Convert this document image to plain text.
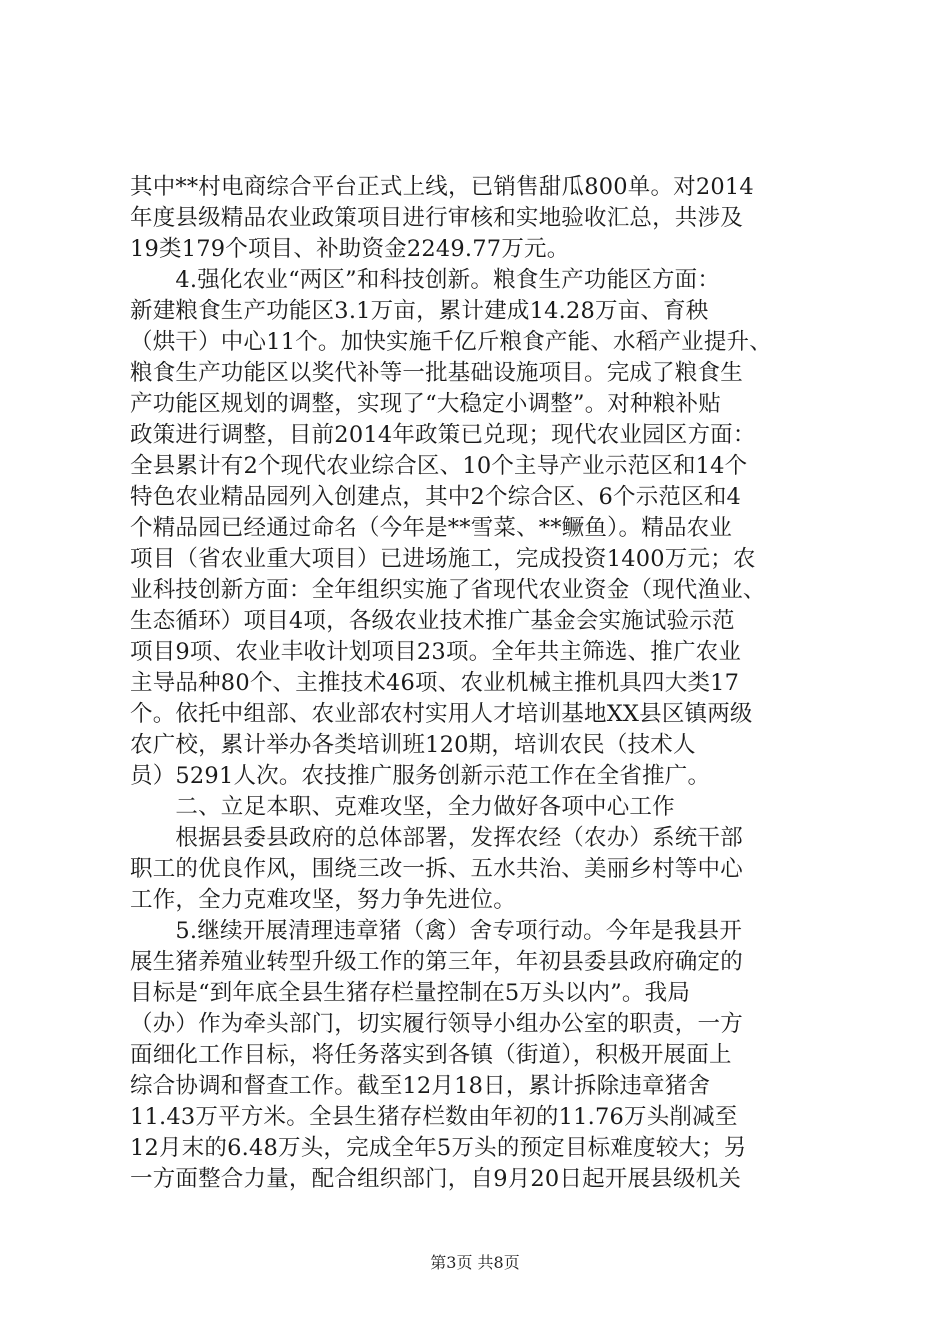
其中**村电商综合平台正式上线，已销售甜瓜800单。对2014
年度县级精品农业政策项目进行审核和实地验收汇总，共涉及
19类179个项目、补助资金2249.77万元。
　　4.强化农业“两区”和科技创新。粮食生产功能区方面：
新建粮食生产功能区3.1万亩，累计建成14.28万亩、育秧
（烘干）中心11个。加快实施千亿斤粮食产能、水稻产业提升、
粮食生产功能区以奖代补等一批基础设施项目。完成了粮食生
产功能区规划的调整，实现了“大稳定小调整”。对种粮补贴
政策进行调整，目前2014年政策已兑现；现代农业园区方面：
全县累计有2个现代农业综合区、10个主导产业示范区和14个
特色农业精品园列入创建点，其中2个综合区、6个示范区和4
个精品园已经通过命名（今年是**雪菜、**鳜鱼）。精品农业
项目（省农业重大项目）已进场施工，完成投资1400万元；农
业科技创新方面：全年组织实施了省现代农业资金（现代渔业、
生态循环）项目4项，各级农业技术推广基金会实施试验示范
项目9项、农业丰收计划项目23项。全年共主筛选、推广农业
主导品种80个、主推技术46项、农业机械主推机具四大类17
个。依托中组部、农业部农村实用人才培训基地XX县区镇两级
农广校，累计举办各类培训班120期，培训农民（技术人
员）5291人次。农技推广服务创新示范工作在全省推广。
　　二、立足本职、克难攻坚，全力做好各项中心工作
　　根据县委县政府的总体部署，发挥农经（农办）系统干部
职工的优良作风，围绕三改一拆、五水共治、美丽乡村等中心
工作，全力克难攻坚，努力争先进位。
　　5.继续开展清理违章猪（禽）舍专项行动。今年是我县开
展生猪养殖业转型升级工作的第三年，年初县委县政府确定的
目标是“到年底全县生猪存栏量控制在5万头以内”。我局
（办）作为牵头部门，切实履行领导小组办公室的职责，一方
面细化工作目标，将任务落实到各镇（街道），积极开展面上
综合协调和督查工作。截至12月18日，累计拆除违章猪舍
11.43万平方米。全县生猪存栏数由年初的11.76万头削减至
12月末的6.48万头，完成全年5万头的预定目标难度较大；另
一方面整合力量，配合组织部门，自9月20日起开展县级机关
第3页 共8页
